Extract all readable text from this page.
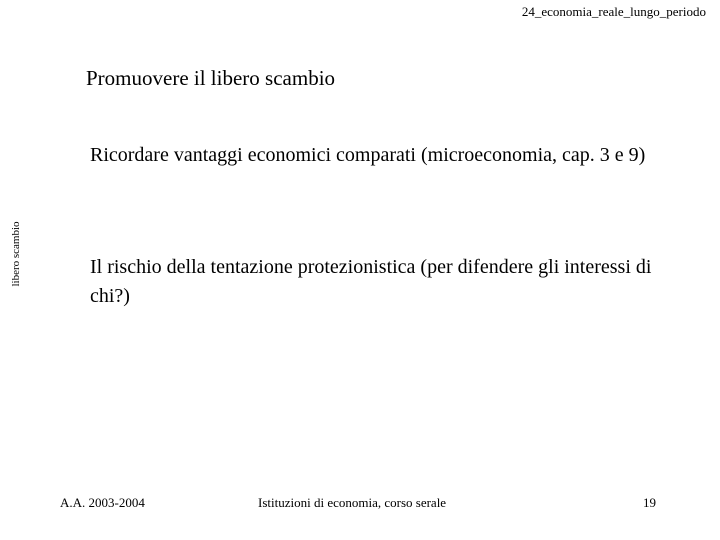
24_economia_reale_lungo_periodo
Promuovere il libero scambio
libero scambio
Ricordare vantaggi economici comparati (microeconomia, cap. 3 e 9)
Il rischio della tentazione protezionistica (per difendere gli interessi di chi?)
A.A. 2003-2004	Istituzioni di economia, corso serale	19
